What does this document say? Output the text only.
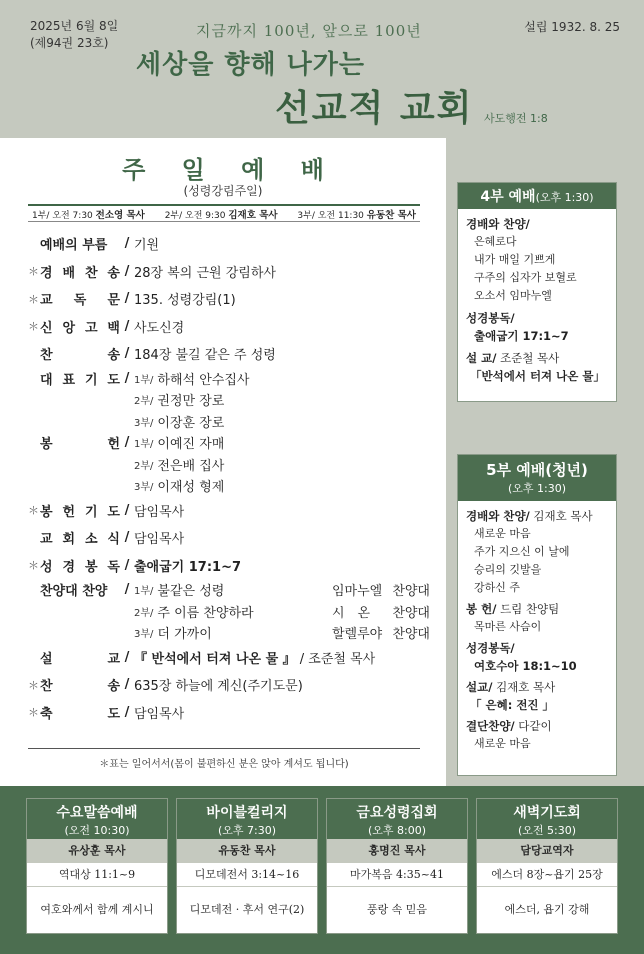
2025년 6월 8일
(제94권 23호)
설립 1932. 8. 25
지금까지 100년, 앞으로 100년
세상을 향해 나가는
선교적 교회 사도행전 1:8
주 일 예 배
(성령강림주일)
1부/ 오전 7:30 전소영 목사 2부/ 오전 9:30 김재호 목사 3부/ 오전 11:30 유동찬 목사
예배의 부름	/ 기원
＊ 경 배 찬 송 / 28장 복의 근원 강림하사
＊ 교 독 문 / 135. 성령강림(1)
＊ 신 앙 고 백 / 사도신경
찬	송 / 184장 불길 같은 주 성령
대 표 기 도 / 1부/ 하해석 안수집사
2부/ 권정만 장로
3부/ 이장훈 장로
봉	헌 / 1부/ 이예진 자매
2부/ 전은배 집사
3부/ 이재성 형제
＊ 봉 헌 기 도 / 담임목사
교 회 소 식 / 담임목사
＊ 성 경 봉 독 / 출애굽기 17:1~7
찬양대 찬양	/ 1부/ 불같은 성령	임마누엘 찬양대
2부/ 주 이름 찬양하라	시　온 찬양대
3부/ 더 가까이	할렐루야 찬양대
설	교 / 『 반석에서 터져 나온 물 』
/ 조준철 목사
＊ 찬	송 / 635장 하늘에 계신(주기도문)
＊ 축	도 / 담임목사
＊표는 일어서서(몸이 불편하신 분은 앉아 계셔도 됩니다)
4부 예배(오후 1:30)
경배와 찬양/
은혜로다
내가 매일 기쁘게
구주의 십자가 보혈로
오소서 임마누엘
성경봉독/
출애굽기 17:1~7
설 교/ 조준철 목사
「반석에서 터져 나온 물」
5부 예배(청년)
(오후 1:30)
경배와 찬양/ 김재호 목사
새로운 마음
주가 지으신 이 날에
승리의 깃발을
강하신 주
봉 헌/ 드림 찬양팀
목마른 사슴이
성경봉독/
여호수아 18:1~10
설교/ 김재호 목사
「 은혜: 전진 」
결단찬양/ 다같이
새로운 마음
수요말씀예배
(오전 10:30)
유상훈 목사
역대상 11:1~9
여호와께서 함께 계시니
바이블컬리지
(오후 7:30)
유동찬 목사
디모데전서 3:14~16
디모데전 · 후서 연구(2)
금요성령집회
(오후 8:00)
홍명진 목사
마가복음 4:35~41
풍랑 속 믿음
새벽기도회
(오전 5:30)
담당교역자
에스더 8장~욥기 25장
에스더, 욥기 강해
